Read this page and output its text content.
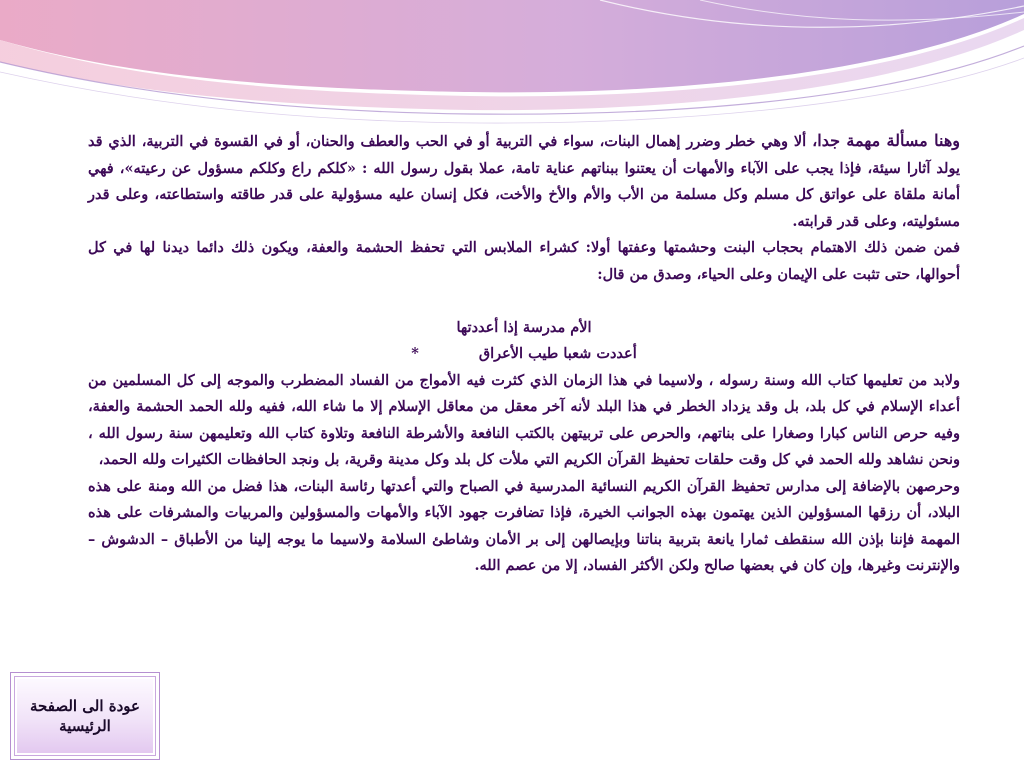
وهنا مسألة مهمة جدا، ألا وهي خطر وضرر إهمال البنات، سواء في التربية أو في الحب والعطف والحنان، أو في القسوة في التربية، الذي قد يولد آثارا سيئة، فإذا يجب على الآباء والأمهات أن يعتنوا ببناتهم عناية تامة، عملا بقول رسول الله : «كلكم راع وكلكم مسؤول عن رعيته»، فهي أمانة ملقاة على عواتق كل مسلم وكل مسلمة من الأب والأم والأخ والأخت، فكل إنسان عليه مسؤولية على قدر طاقته واستطاعته، وعلى قدر مسئوليته، وعلى قدر قرابته.

فمن ضمن ذلك الاهتمام بحجاب البنت وحشمتها وعفتها أولا: كشراء الملابس التي تحفظ الحشمة والعفة، ويكون ذلك دائما ديدنا لها في كل أحوالها، حتى تثبت على الإيمان وعلى الحياء، وصدق من قال:

الأم مدرسة إذا أعددتها

أعددت شعبا طيب الأعراق*

ولابد من تعليمها كتاب الله وسنة رسوله ، ولاسيما في هذا الزمان الذي كثرت فيه الأمواج من الفساد المضطرب والموجه إلى كل المسلمين من أعداء الإسلام في كل بلد، بل وقد يزداد الخطر في هذا البلد لأنه آخر معقل من معاقل الإسلام إلا ما شاء الله، ففيه ولله الحمد الحشمة والعفة، وفيه حرص الناس كبارا وصغارا على بناتهم، والحرص على تربيتهن بالكتب النافعة والأشرطة النافعة وتلاوة كتاب الله وتعليمهن سنة رسول الله ، ونحن نشاهد ولله الحمد في كل وقت حلقات تحفيظ القرآن الكريم التي ملأت كل بلد وكل مدينة وقرية، بل ونجد الحافظات الكثيرات ولله الحمد،

وحرصهن بالإضافة إلى مدارس تحفيظ القرآن الكريم النسائية المدرسية في الصباح والتي أعدتها رئاسة البنات، هذا فضل من الله ومنة على هذه البلاد، أن رزقها المسؤولين الذين يهتمون بهذه الجوانب الخيرة، فإذا تضافرت جهود الآباء والأمهات والمسؤولين والمربيات والمشرفات على هذه المهمة فإننا بإذن الله سنقطف ثمارا يانعة بتربية بناتنا وبإيصالهن إلى بر الأمان وشاطئ السلامة ولاسيما ما يوجه إلينا من الأطباق – الدشوش – والإنترنت وغيرها، وإن كان في بعضها صالح ولكن الأكثر الفساد، إلا من عصم الله.

عودة الى الصفحة الرئيسية
